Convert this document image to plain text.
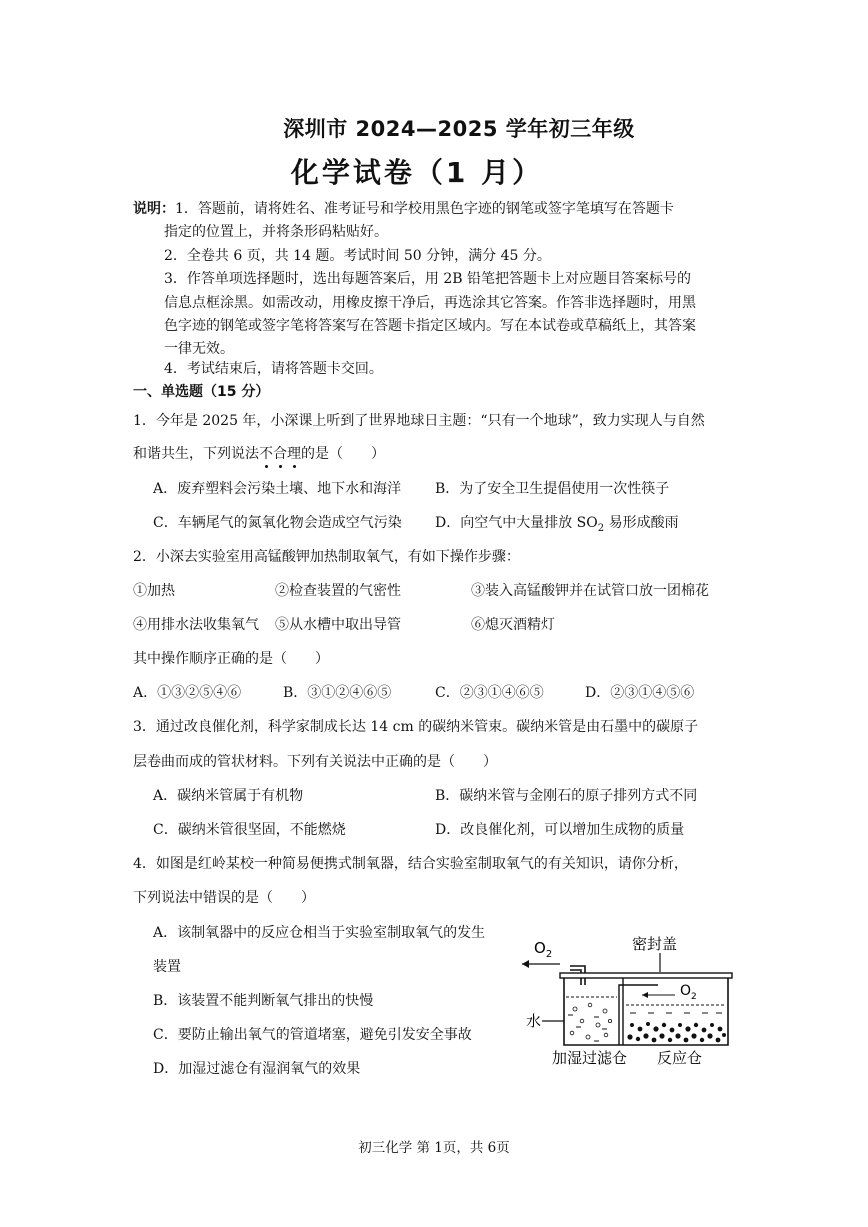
深圳市 2024—2025 学年初三年级
化学试卷（1 月）
说明：1．答题前，请将姓名、准考证号和学校用黑色字迹的钢笔或签字笔填写在答题卡
指定的位置上，并将条形码粘贴好。
2．全卷共 6 页，共 14 题。考试时间 50 分钟，满分 45 分。
3．作答单项选择题时，选出每题答案后，用 2B 铅笔把答题卡上对应题目答案标号的
信息点框涂黑。如需改动，用橡皮擦干净后，再选涂其它答案。作答非选择题时，用黑
色字迹的钢笔或签字笔将答案写在答题卡指定区域内。写在本试卷或草稿纸上，其答案
一律无效。
4．考试结束后，请将答题卡交回。
一、单选题（15 分）
1．今年是 2025 年，小深课上听到了世界地球日主题：“只有一个地球”，致力实现人与自然
和谐共生，下列说法不合理的是（　　）
A．废弃塑料会污染土壤、地下水和海洋 B．为了安全卫生提倡使用一次性筷子
C．车辆尾气的氮氧化物会造成空气污染 D．向空气中大量排放 $SO_2$ 易形成酸雨
2．小深去实验室用高锰酸钾加热制取氧气，有如下操作步骤：
①加热	②检查装置的气密性	③装入高锰酸钾并在试管口放一团棉花
④用排水法收集氧气 ⑤从水槽中取出导管	⑥熄灭酒精灯
其中操作顺序正确的是（　　）
A．①③②⑤④⑥	B．③①②④⑥⑤	C．②③①④⑥⑤	D．②③①④⑤⑥
3．通过改良催化剂，科学家制成长达 14 cm 的碳纳米管束。碳纳米管是由石墨中的碳原子
层卷曲而成的管状材料。下列有关说法中正确的是（　　）
A．碳纳米管属于有机物	B．碳纳米管与金刚石的原子排列方式不同
C．碳纳米管很坚固，不能燃烧	D．改良催化剂，可以增加生成物的质量
4．如图是红岭某校一种简易便携式制氧器，结合实验室制取氧气的有关知识，请你分析，
下列说法中错误的是（　　）
A．该制氧器中的反应仓相当于实验室制取氧气的发生
装置
B．该装置不能判断氧气排出的快慢
C．要防止输出氧气的管道堵塞，避免引发安全事故
D．加湿过滤仓有湿润氧气的效果
$O_2$
密封盖
$O_2$
水
加湿过滤仓 反应仓
初三化学 第 1页，共 6页
